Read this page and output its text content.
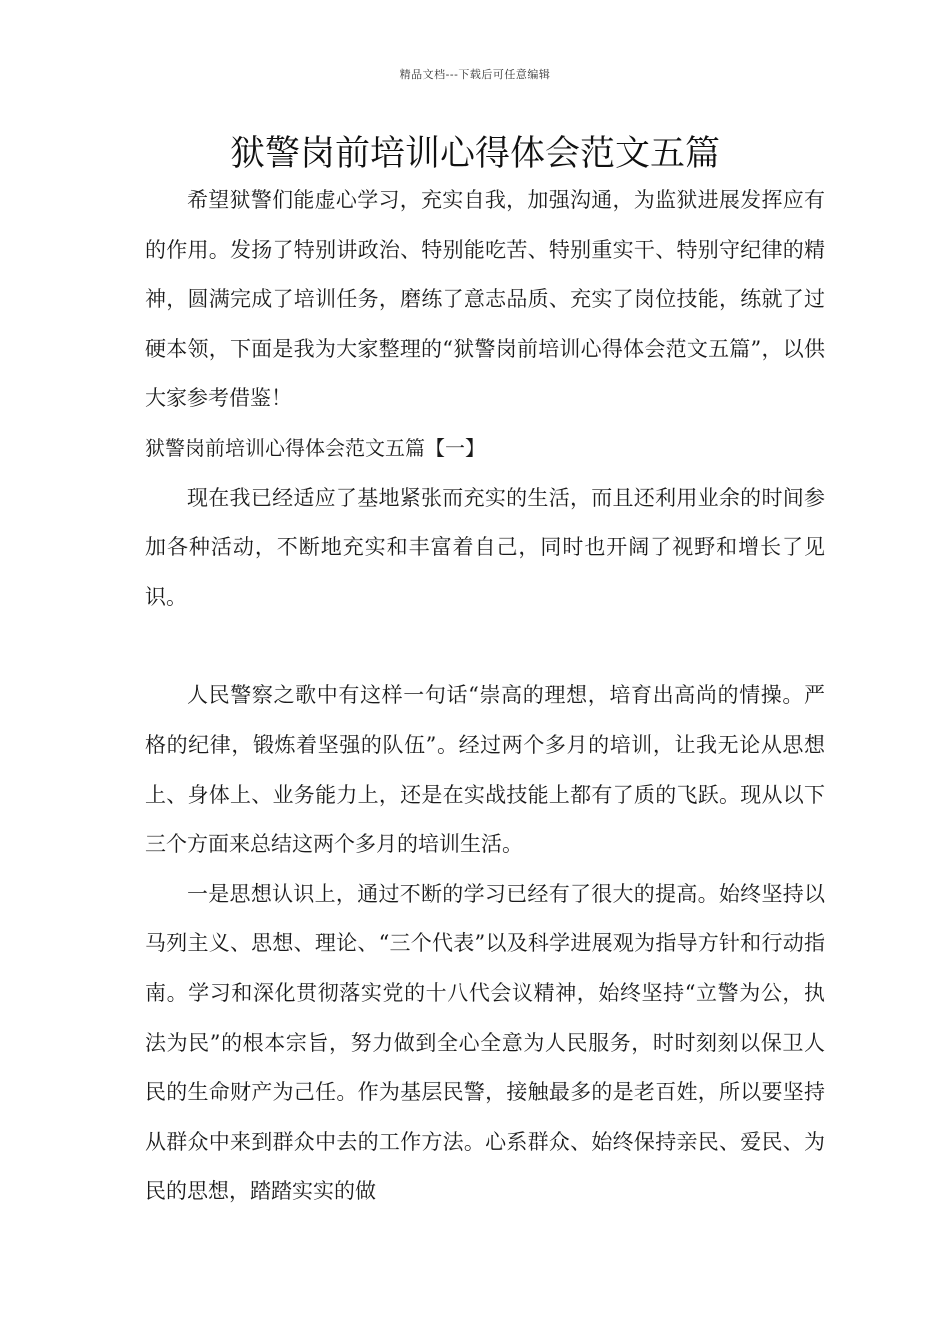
精品文档---下载后可任意编辑
狱警岗前培训心得体会范文五篇

希望狱警们能虚心学习，充实自我，加强沟通，为监狱进展发挥应有的作用。发扬了特别讲政治、特别能吃苦、特别重实干、特别守纪律的精神，圆满完成了培训任务，磨练了意志品质、充实了岗位技能，练就了过硬本领，下面是我为大家整理的“狱警岗前培训心得体会范文五篇”，以供大家参考借鉴！

狱警岗前培训心得体会范文五篇【一】

现在我已经适应了基地紧张而充实的生活，而且还利用业余的时间参加各种活动，不断地充实和丰富着自己，同时也开阔了视野和增长了见识。

人民警察之歌中有这样一句话“崇高的理想，培育出高尚的情操。严格的纪律，锻炼着坚强的队伍”。经过两个多月的培训，让我无论从思想上、身体上、业务能力上，还是在实战技能上都有了质的飞跃。现从以下三个方面来总结这两个多月的培训生活。

一是思想认识上，通过不断的学习已经有了很大的提高。始终坚持以马列主义、思想、理论、“三个代表”以及科学进展观为指导方针和行动指南。学习和深化贯彻落实党的十八代会议精神，始终坚持“立警为公，执法为民”的根本宗旨，努力做到全心全意为人民服务，时时刻刻以保卫人民的生命财产为己任。作为基层民警，接触最多的是老百姓，所以要坚持从群众中来到群众中去的工作方法。心系群众、始终保持亲民、爱民、为民的思想，踏踏实实的做
